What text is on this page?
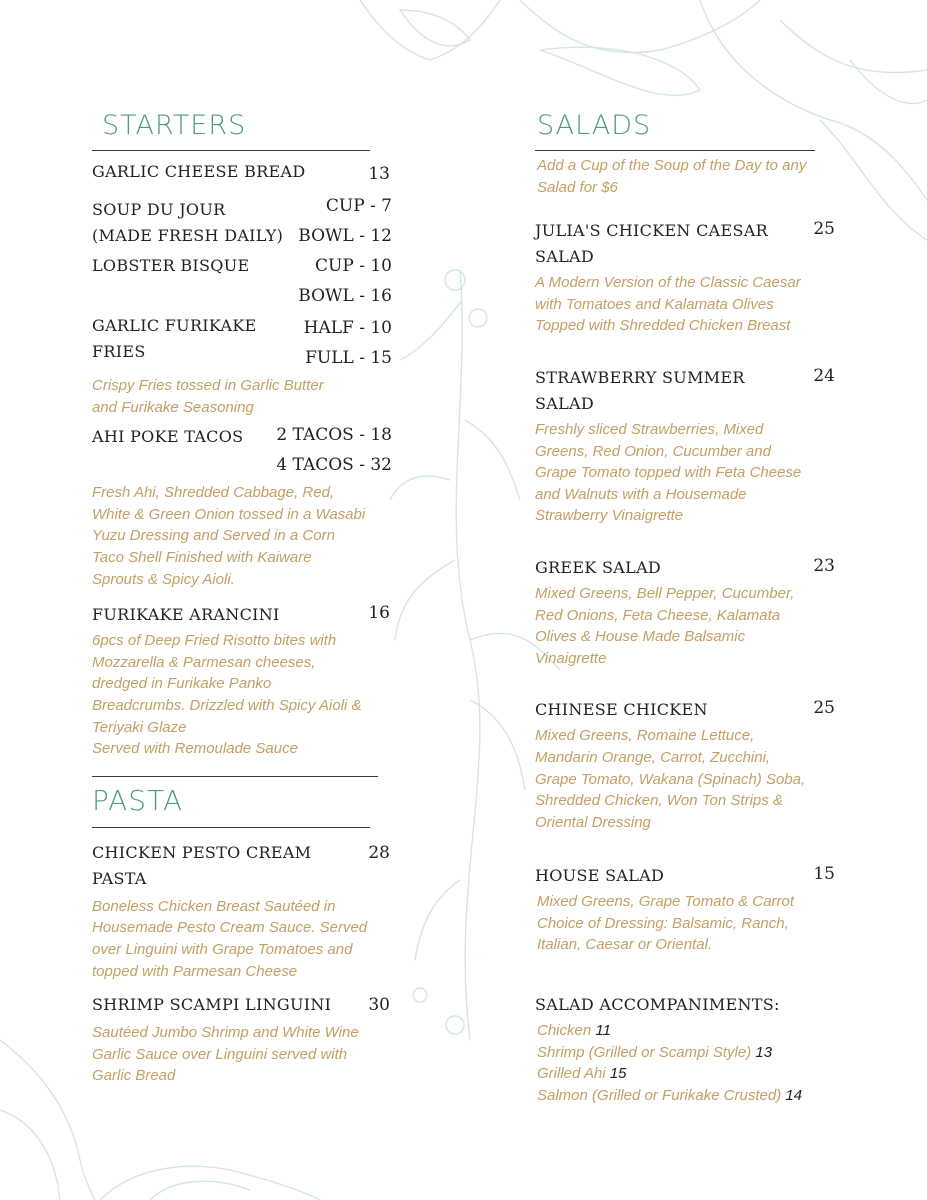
STARTERS
GARLIC CHEESE BREAD	13
SOUP DU JOUR
(MADE FRESH DAILY)
CUP - 7
BOWL - 12
LOBSTER BISQUE	CUP - 10
BOWL - 16
GARLIC FURIKAKE FRIES
HALF - 10
FULL - 15
Crispy Fries tossed in Garlic Butter
and Furikake Seasoning
AHI POKE TACOS 2 TACOS - 18
4 TACOS - 32
Fresh Ahi, Shredded Cabbage, Red,
White & Green Onion tossed in a Wasabi
Yuzu Dressing and Served in a Corn
Taco Shell Finished with Kaiware
Sprouts & Spicy Aioli.
FURIKAKE ARANCINI	16
6pcs of Deep Fried Risotto bites with
Mozzarella & Parmesan cheeses,
dredged in Furikake Panko
Breadcrumbs. Drizzled with Spicy Aioli &
Teriyaki Glaze
Served with Remoulade Sauce
PASTA
CHICKEN PESTO CREAM
PASTA
28
Boneless Chicken Breast Sautéed in
Housemade Pesto Cream Sauce. Served
over Linguini with Grape Tomatoes and
topped with Parmesan Cheese
SHRIMP SCAMPI LINGUINI 30
Sautéed Jumbo Shrimp and White Wine
Garlic Sauce over Linguini served with
Garlic Bread
SALADS
Add a Cup of the Soup of the Day to any
Salad for $6
JULIA'S CHICKEN CAESAR
SALAD
25
A Modern Version of the Classic Caesar
with Tomatoes and Kalamata Olives
Topped with Shredded Chicken Breast
STRAWBERRY SUMMER
SALAD
24
Freshly sliced Strawberries, Mixed
Greens, Red Onion, Cucumber and
Grape Tomato topped with Feta Cheese
and Walnuts with a Housemade
Strawberry Vinaigrette
GREEK SALAD	23
Mixed Greens, Bell Pepper, Cucumber,
Red Onions, Feta Cheese, Kalamata
Olives & House Made Balsamic
Vinaigrette
CHINESE CHICKEN	25
Mixed Greens, Romaine Lettuce,
Mandarin Orange, Carrot, Zucchini,
Grape Tomato, Wakana (Spinach) Soba,
Shredded Chicken, Won Ton Strips &
Oriental Dressing
HOUSE SALAD	15
Mixed Greens, Grape Tomato & Carrot
Choice of Dressing: Balsamic, Ranch,
Italian, Caesar or Oriental.
SALAD ACCOMPANIMENTS:
Chicken 11
Shrimp (Grilled or Scampi Style) 13
Grilled Ahi 15
Salmon (Grilled or Furikake Crusted) 14
